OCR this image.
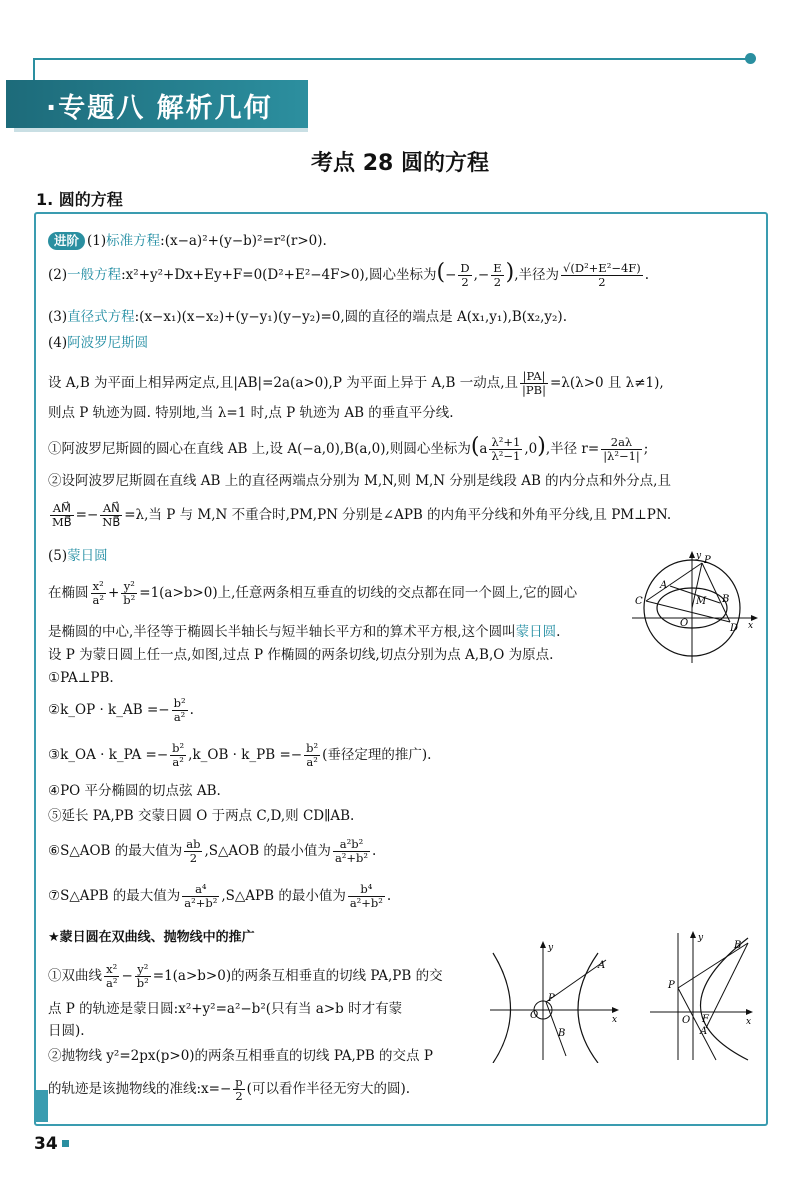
·专题八 解析几何
考点 28 圆的方程
1. 圆的方程
进阶 (1)标准方程:(x−a)²+(y−b)²=r²(r>0).
(2)一般方程:x²+y²+Dx+Ey+F=0(D²+E²−4F>0),圆心坐标为(− $\frac{D}{2}$ ,− $\frac{E}{2}$ ),半径为 $\frac{\text{√(D²+E²−4F)}}{2}$ .
(3)直径式方程:(x−x₁)(x−x₂)+(y−y₁)(y−y₂)=0,圆的直径的端点是 A(x₁,y₁),B(x₂,y₂).
(4)阿波罗尼斯圆
设 A,B 为平面上相异两定点,且|AB|=2a(a>0),P 为平面上异于 A,B 一动点,且 $\frac{|PA|}{|PB|} =\lambda(\lambda>0$ 且 λ≠1),
则点 P 轨迹为圆. 特别地,当 λ=1 时,点 P 轨迹为 AB 的垂直平分线.
①阿波罗尼斯圆的圆心在直线 AB 上,设 A(−a,0),B(a,0),则圆心坐标为$(a \frac{\text{λ²+1}}{\text{λ²−1}} ,0)$,半径 $r= \frac{2a\lambda}{\text{|λ²−1|}}$ ;
②设阿波罗尼斯圆在直线 AB 上的直径两端点分别为 M,N,则 M,N 分别是线段 AB 的内分点和外分点,且
$\frac{AM⃗}{MB⃗} =- \frac{AN⃗}{NB⃗} =\lambda$,当 P 与 M,N 不重合时,PM,PN 分别是∠APB 的内角平分线和外角平分线,且 PM⊥PN.
(5)蒙日圆
在椭圆 $\frac{\text{x²}}{\text{a²}} + \frac{\text{y²}}{\text{b²}} =1(a>b>0)$上,任意两条相互垂直的切线的交点都在同一个圆上,它的圆心
是椭圆的中心,半径等于椭圆长半轴长与短半轴长平方和的算术平方根,这个圆叫蒙日圆.
设 P 为蒙日圆上任一点,如图,过点 P 作椭圆的两条切线,切点分别为点 A,B,O 为原点.
①PA⊥PB.
②k_OP · k_AB =− $\frac{\text{b²}}{\text{a²}}$ .
③k_OA · k_PA =− $\frac{\text{b²}}{\text{a²}}$ ,k_OB · k_PB =− $\frac{\text{b²}}{\text{a²}}$ (垂径定理的推广).
④PO 平分椭圆的切点弦 AB.
⑤延长 PA,PB 交蒙日圆 O 于两点 C,D,则 CD∥AB.
⑥S△AOB 的最大值为 $\frac{ab}{2}$ ,S△AOB 的最小值为 $\frac{\text{a²b²}}{\text{a²+b²}}$ .
⑦S△APB 的最大值为 $\frac{\text{a⁴}}{\text{a²+b²}}$ ,S△APB 的最小值为 $\frac{\text{b⁴}}{\text{a²+b²}}$ .
★蒙日圆在双曲线、抛物线中的推广
①双曲线 $\frac{\text{x²}}{\text{a²}} - \frac{\text{y²}}{\text{b²}} =1(a>b>0)$的两条互相垂直的切线 PA,PB 的交
点 P 的轨迹是蒙日圆:x²+y²=a²−b²(只有当 a>b 时才有蒙
日圆).
②抛物线 y²=2px(p>0)的两条互相垂直的切线 PA,PB 的交点 P
的轨迹是该抛物线的准线:x=− $\frac{p}{2}$ (可以看作半径无穷大的圆).
y P
C
A
M B
O	D x
y
A
P
O
B
x
y
B
P
O F
A
x
34
